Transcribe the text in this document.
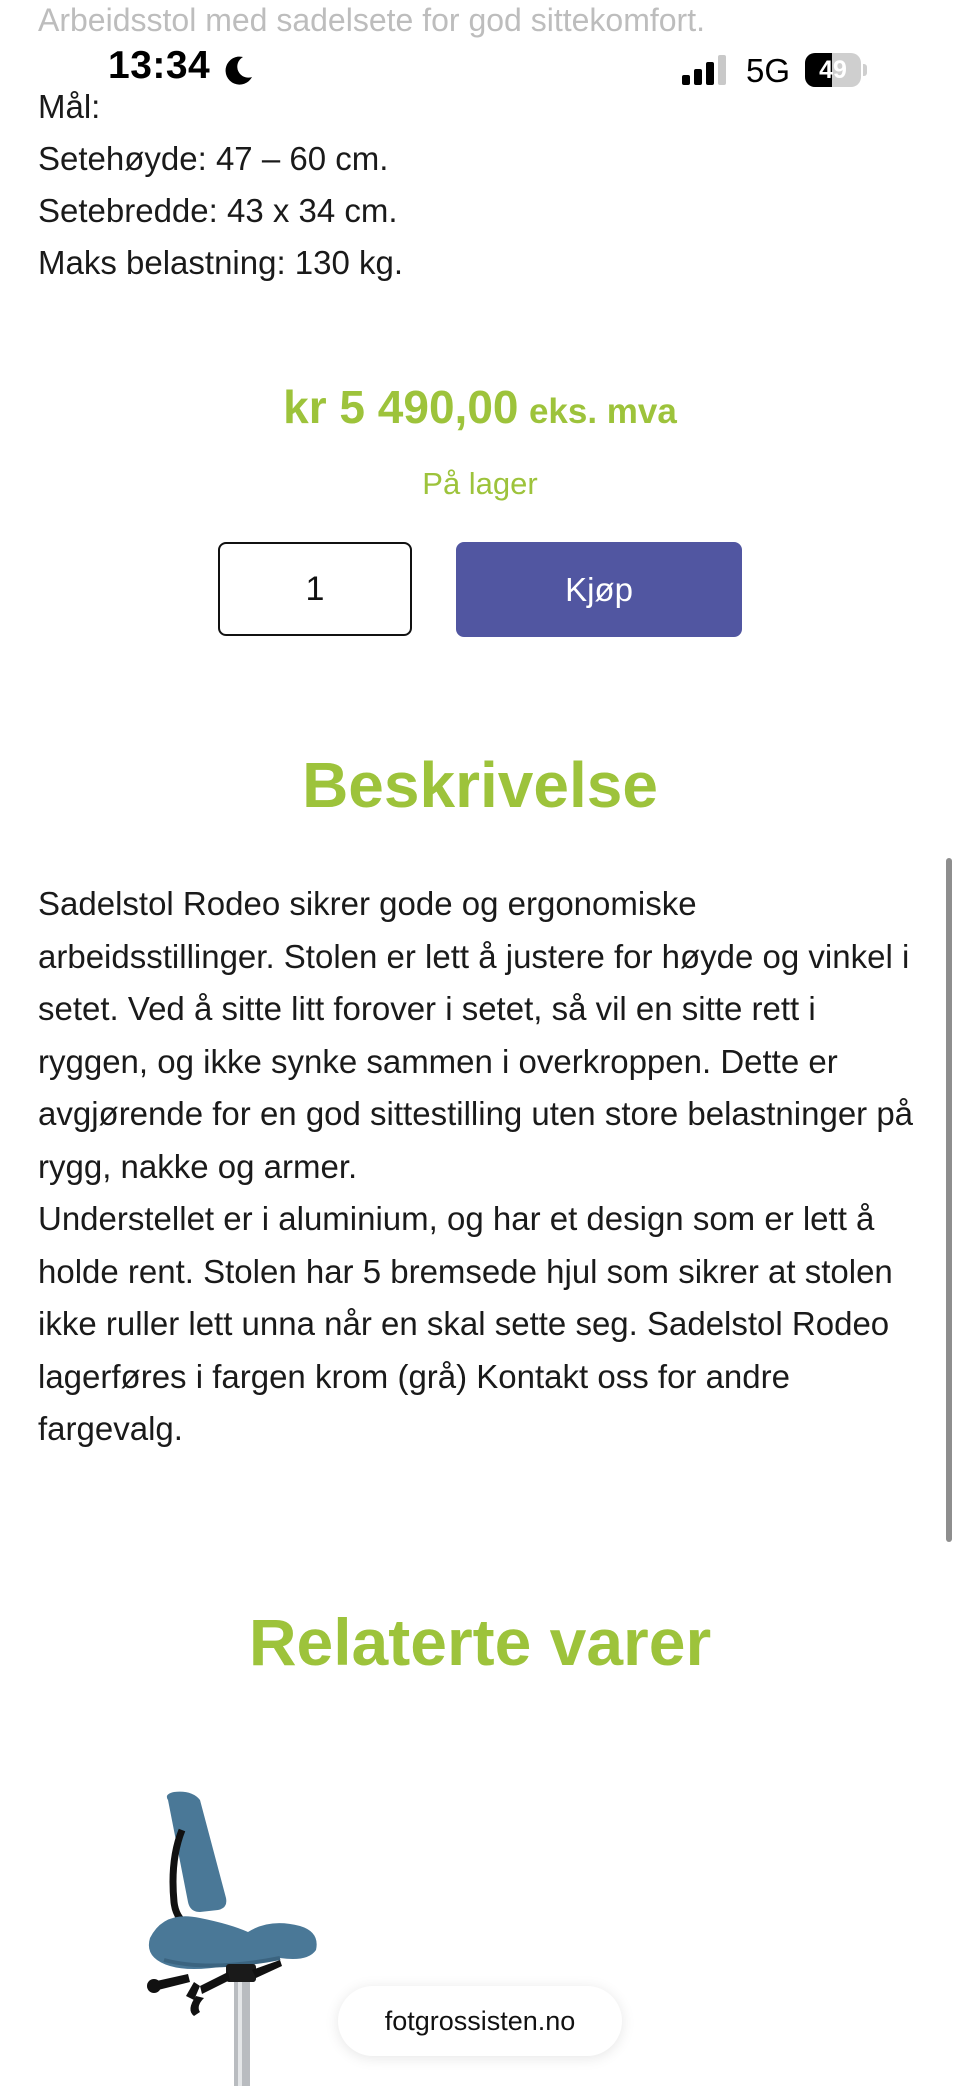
Arbeidsstol med sadelsete for god sittekomfort.
13:34	5G	49
Mål:
Setehøyde: 47 – 60 cm.
Setebredde: 43 x 34 cm.
Maks belastning: 130 kg.
kr 5 490,00 eks. mva
På lager
1
Kjøp
Beskrivelse

Sadelstol Rodeo sikrer gode og ergonomiske arbeidsstillinger. Stolen er lett å justere for høyde og vinkel i setet. Ved å sitte litt forover i setet, så vil en sitte rett i ryggen, og ikke synke sammen i overkroppen. Dette er avgjørende for en god sittestilling uten store belastninger på rygg, nakke og armer.

Understellet er i aluminium, og har et design som er lett å holde rent. Stolen har 5 bremsede hjul som sikrer at stolen ikke ruller lett unna når en skal sette seg. Sadelstol Rodeo lagerføres i fargen krom (grå) Kontakt oss for andre fargevalg.

Relaterte varer
fotgrossisten.no
